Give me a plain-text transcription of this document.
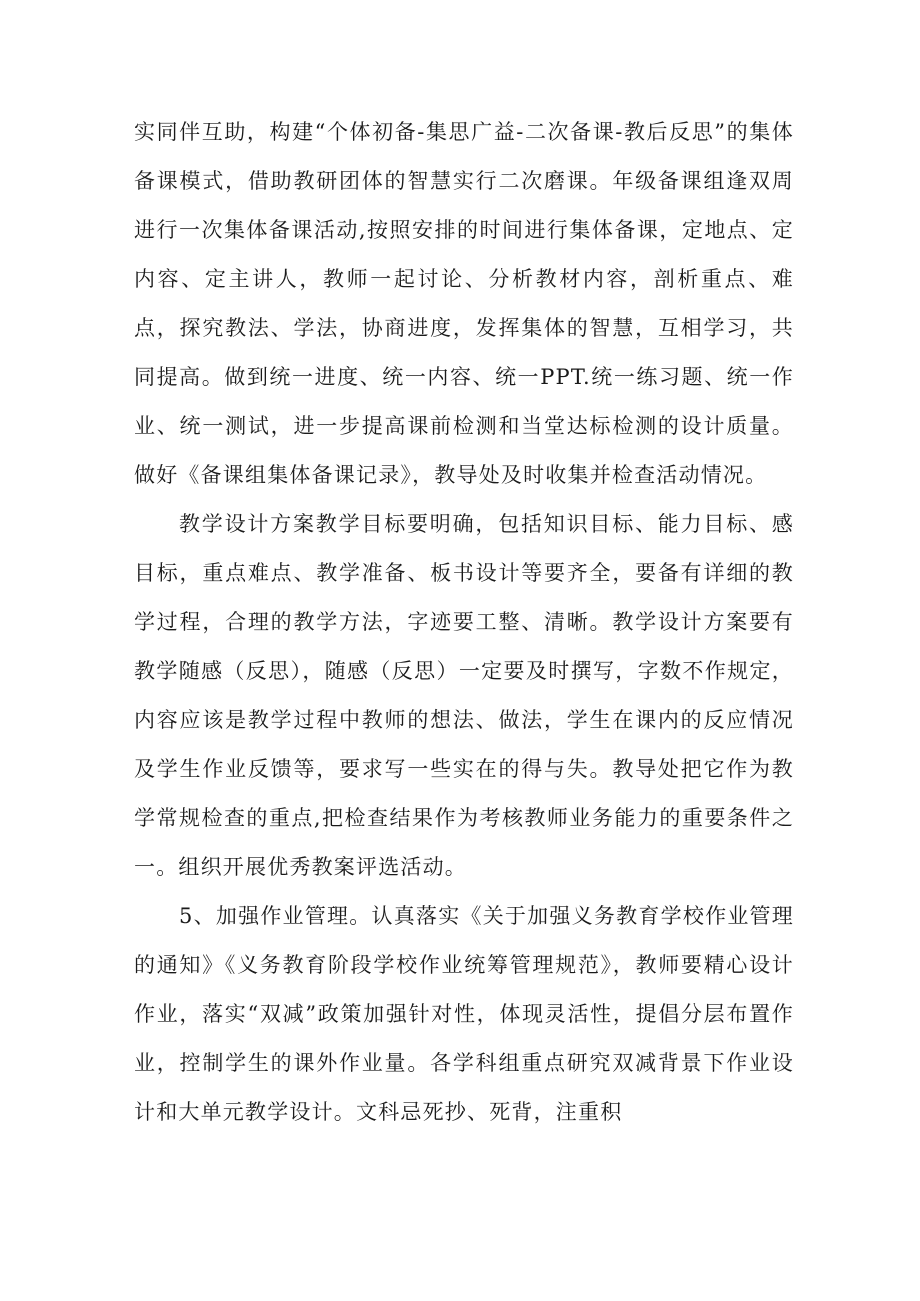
实同伴互助，构建“个体初备-集思广益-二次备课-教后反思”的集体备课模式，借助教研团体的智慧实行二次磨课。年级备课组逢双周进行一次集体备课活动,按照安排的时间进行集体备课，定地点、定内容、定主讲人，教师一起讨论、分析教材内容，剖析重点、难点，探究教法、学法，协商进度，发挥集体的智慧，互相学习，共同提高。做到统一进度、统一内容、统一PPT.统一练习题、统一作业、统一测试，进一步提高课前检测和当堂达标检测的设计质量。做好《备课组集体备课记录》，教导处及时收集并检查活动情况。

教学设计方案教学目标要明确，包括知识目标、能力目标、感目标，重点难点、教学准备、板书设计等要齐全，要备有详细的教学过程，合理的教学方法，字迹要工整、清晰。教学设计方案要有教学随感（反思），随感（反思）一定要及时撰写，字数不作规定，内容应该是教学过程中教师的想法、做法，学生在课内的反应情况及学生作业反馈等，要求写一些实在的得与失。教导处把它作为教学常规检查的重点,把检查结果作为考核教师业务能力的重要条件之一。组织开展优秀教案评选活动。

5、加强作业管理。认真落实《关于加强义务教育学校作业管理的通知》《义务教育阶段学校作业统筹管理规范》，教师要精心设计作业，落实“双减”政策加强针对性，体现灵活性，提倡分层布置作业，控制学生的课外作业量。各学科组重点研究双减背景下作业设计和大单元教学设计。文科忌死抄、死背，注重积
